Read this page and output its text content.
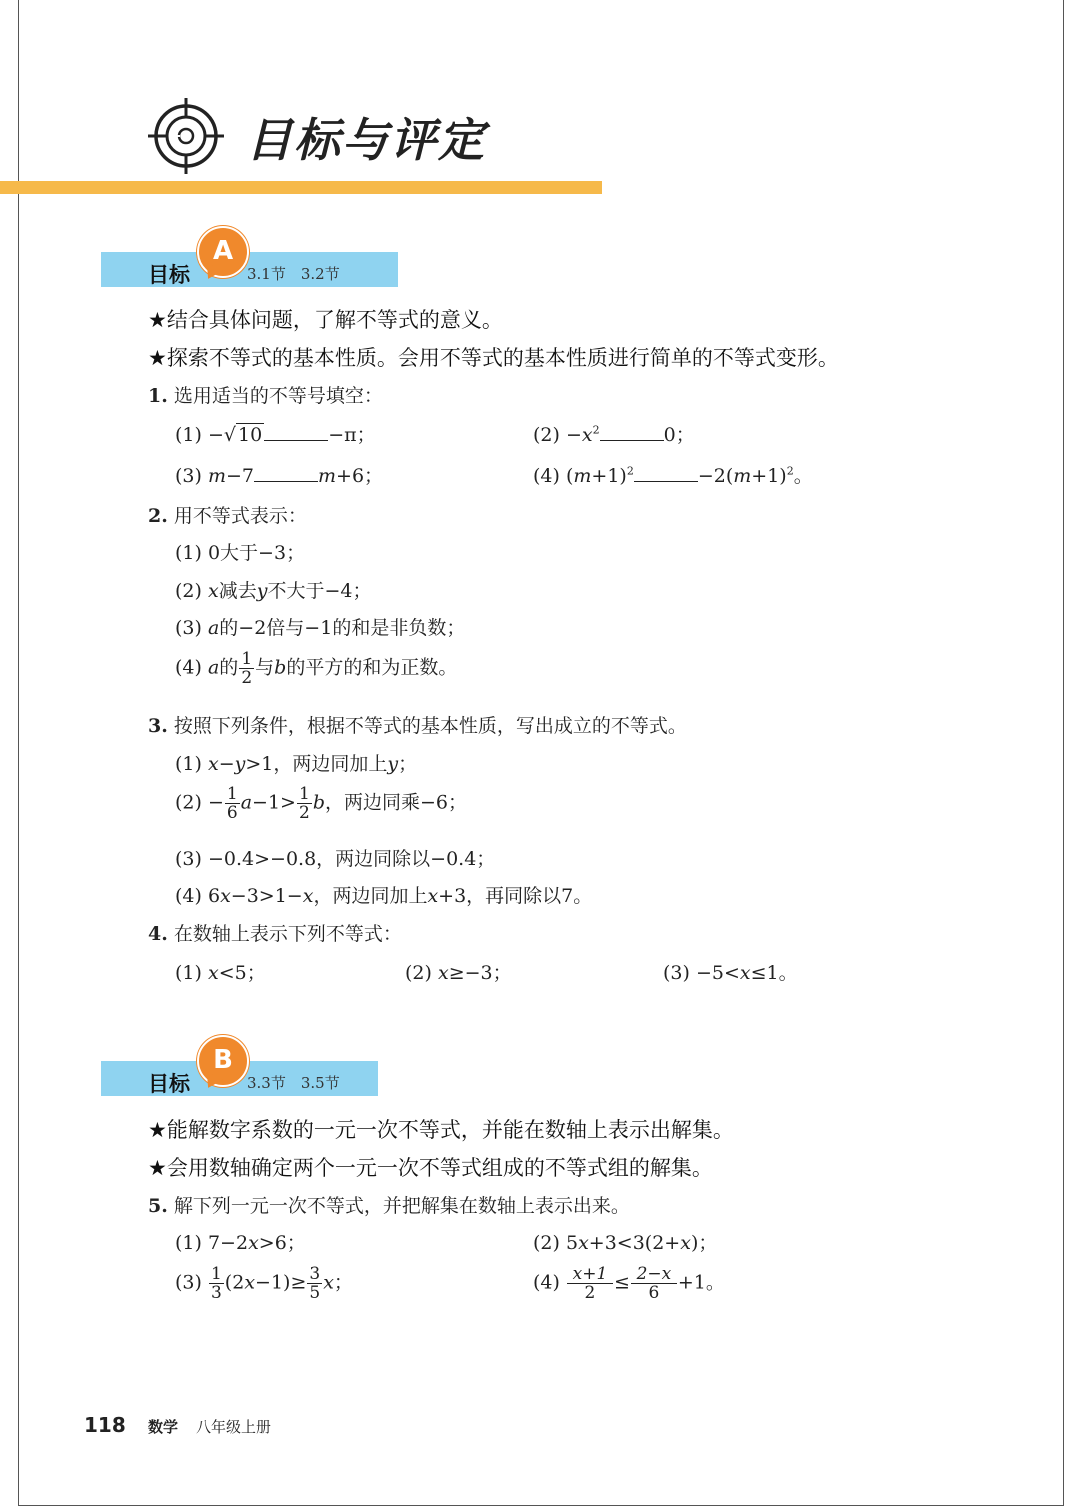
目标与评定
目标
A
3.1节　3.2节
★结合具体问题，了解不等式的意义。
★探索不等式的基本性质。会用不等式的基本性质进行简单的不等式变形。
1. 选用适当的不等号填空：
(1) −√ 10	−π；	$(2) -x^2$	0；
(3) m−7	m+6；	(4) $(m+1)^2$	$-2(m+1)^2$。
2. 用不等式表示：
(1) 0大于−3；
(2) x减去y不大于−4；
(3) a的−2倍与−1的和是非负数；
(4) a的 $\frac{1}{2}$ 与b的平方的和为正数。
3. 按照下列条件，根据不等式的基本性质，写出成立的不等式。
(1) x−y>1，两边同加上y；
$(2) - \frac{1}{6} a-1> \frac{1}{2}$ b，两边同乘−6；
(3) −0.4>−0.8，两边同除以−0.4；
(4) 6x−3>1−x，两边同加上x+3，再同除以7。
4. 在数轴上表示下列不等式：
(1) x<5；	(2) x≥−3；	(3) −5<x≤1。
目标
B
3.3节　3.5节
★能解数字系数的一元一次不等式，并能在数轴上表示出解集。
★会用数轴确定两个一元一次不等式组成的不等式组的解集。
5. 解下列一元一次不等式，并把解集在数轴上表示出来。
(1) 7−2x>6；	(2) 5x+3<3(2+x)；
$(3) \frac{1}{3} (2x-1)\ge \frac{3}{5}$ x；	$(4) \frac{x+1}{2} \le \frac{2-x}{6} +1$。
118 数学 八年级上册
